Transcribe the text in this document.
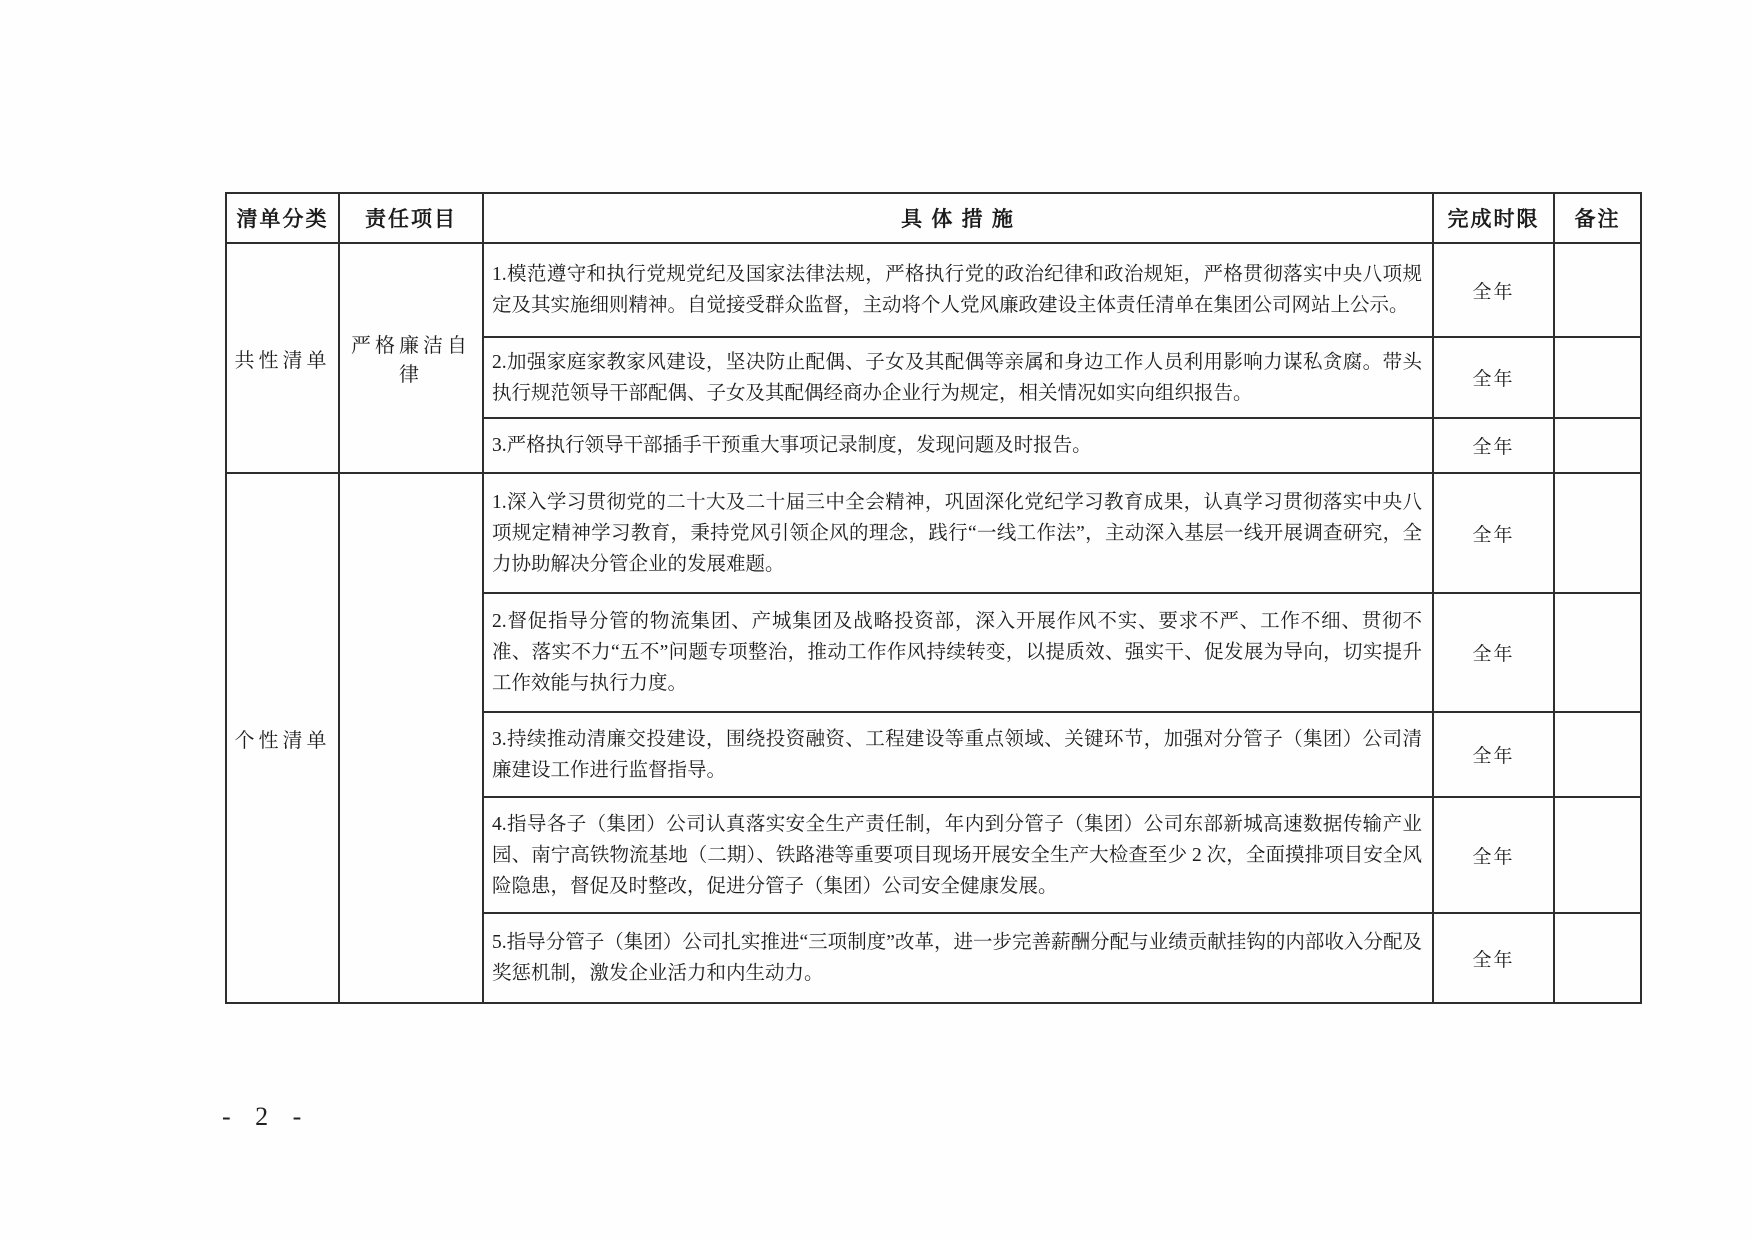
清单分类	责任项目	具 体 措 施	完成时限	备注
共性清单	严格廉洁自律	1.模范遵守和执行党规党纪及国家法律法规，严格执行党的政治纪律和政治规矩，严格贯彻落实中央八项规定及其实施细则精神。自觉接受群众监督，主动将个人党风廉政建设主体责任清单在集团公司网站上公示。	全年	
		2.加强家庭家教家风建设，坚决防止配偶、子女及其配偶等亲属和身边工作人员利用影响力谋私贪腐。带头执行规范领导干部配偶、子女及其配偶经商办企业行为规定，相关情况如实向组织报告。	全年	
		3.严格执行领导干部插手干预重大事项记录制度，发现问题及时报告。	全年	
个性清单		1.深入学习贯彻党的二十大及二十届三中全会精神，巩固深化党纪学习教育成果，认真学习贯彻落实中央八项规定精神学习教育，秉持党风引领企风的理念，践行“一线工作法”，主动深入基层一线开展调查研究，全力协助解决分管企业的发展难题。	全年	
		2.督促指导分管的物流集团、产城集团及战略投资部，深入开展作风不实、要求不严、工作不细、贯彻不准、落实不力“五不”问题专项整治，推动工作作风持续转变，以提质效、强实干、促发展为导向，切实提升工作效能与执行力度。	全年	
		3.持续推动清廉交投建设，围绕投资融资、工程建设等重点领域、关键环节，加强对分管子（集团）公司清廉建设工作进行监督指导。	全年	
		4.指导各子（集团）公司认真落实安全生产责任制，年内到分管子（集团）公司东部新城高速数据传输产业园、南宁高铁物流基地（二期）、铁路港等重要项目现场开展安全生产大检查至少 2 次，全面摸排项目安全风险隐患，督促及时整改，促进分管子（集团）公司安全健康发展。	全年	
		5.指导分管子（集团）公司扎实推进“三项制度”改革，进一步完善薪酬分配与业绩贡献挂钩的内部收入分配及奖惩机制，激发企业活力和内生动力。	全年	
- 2 -
